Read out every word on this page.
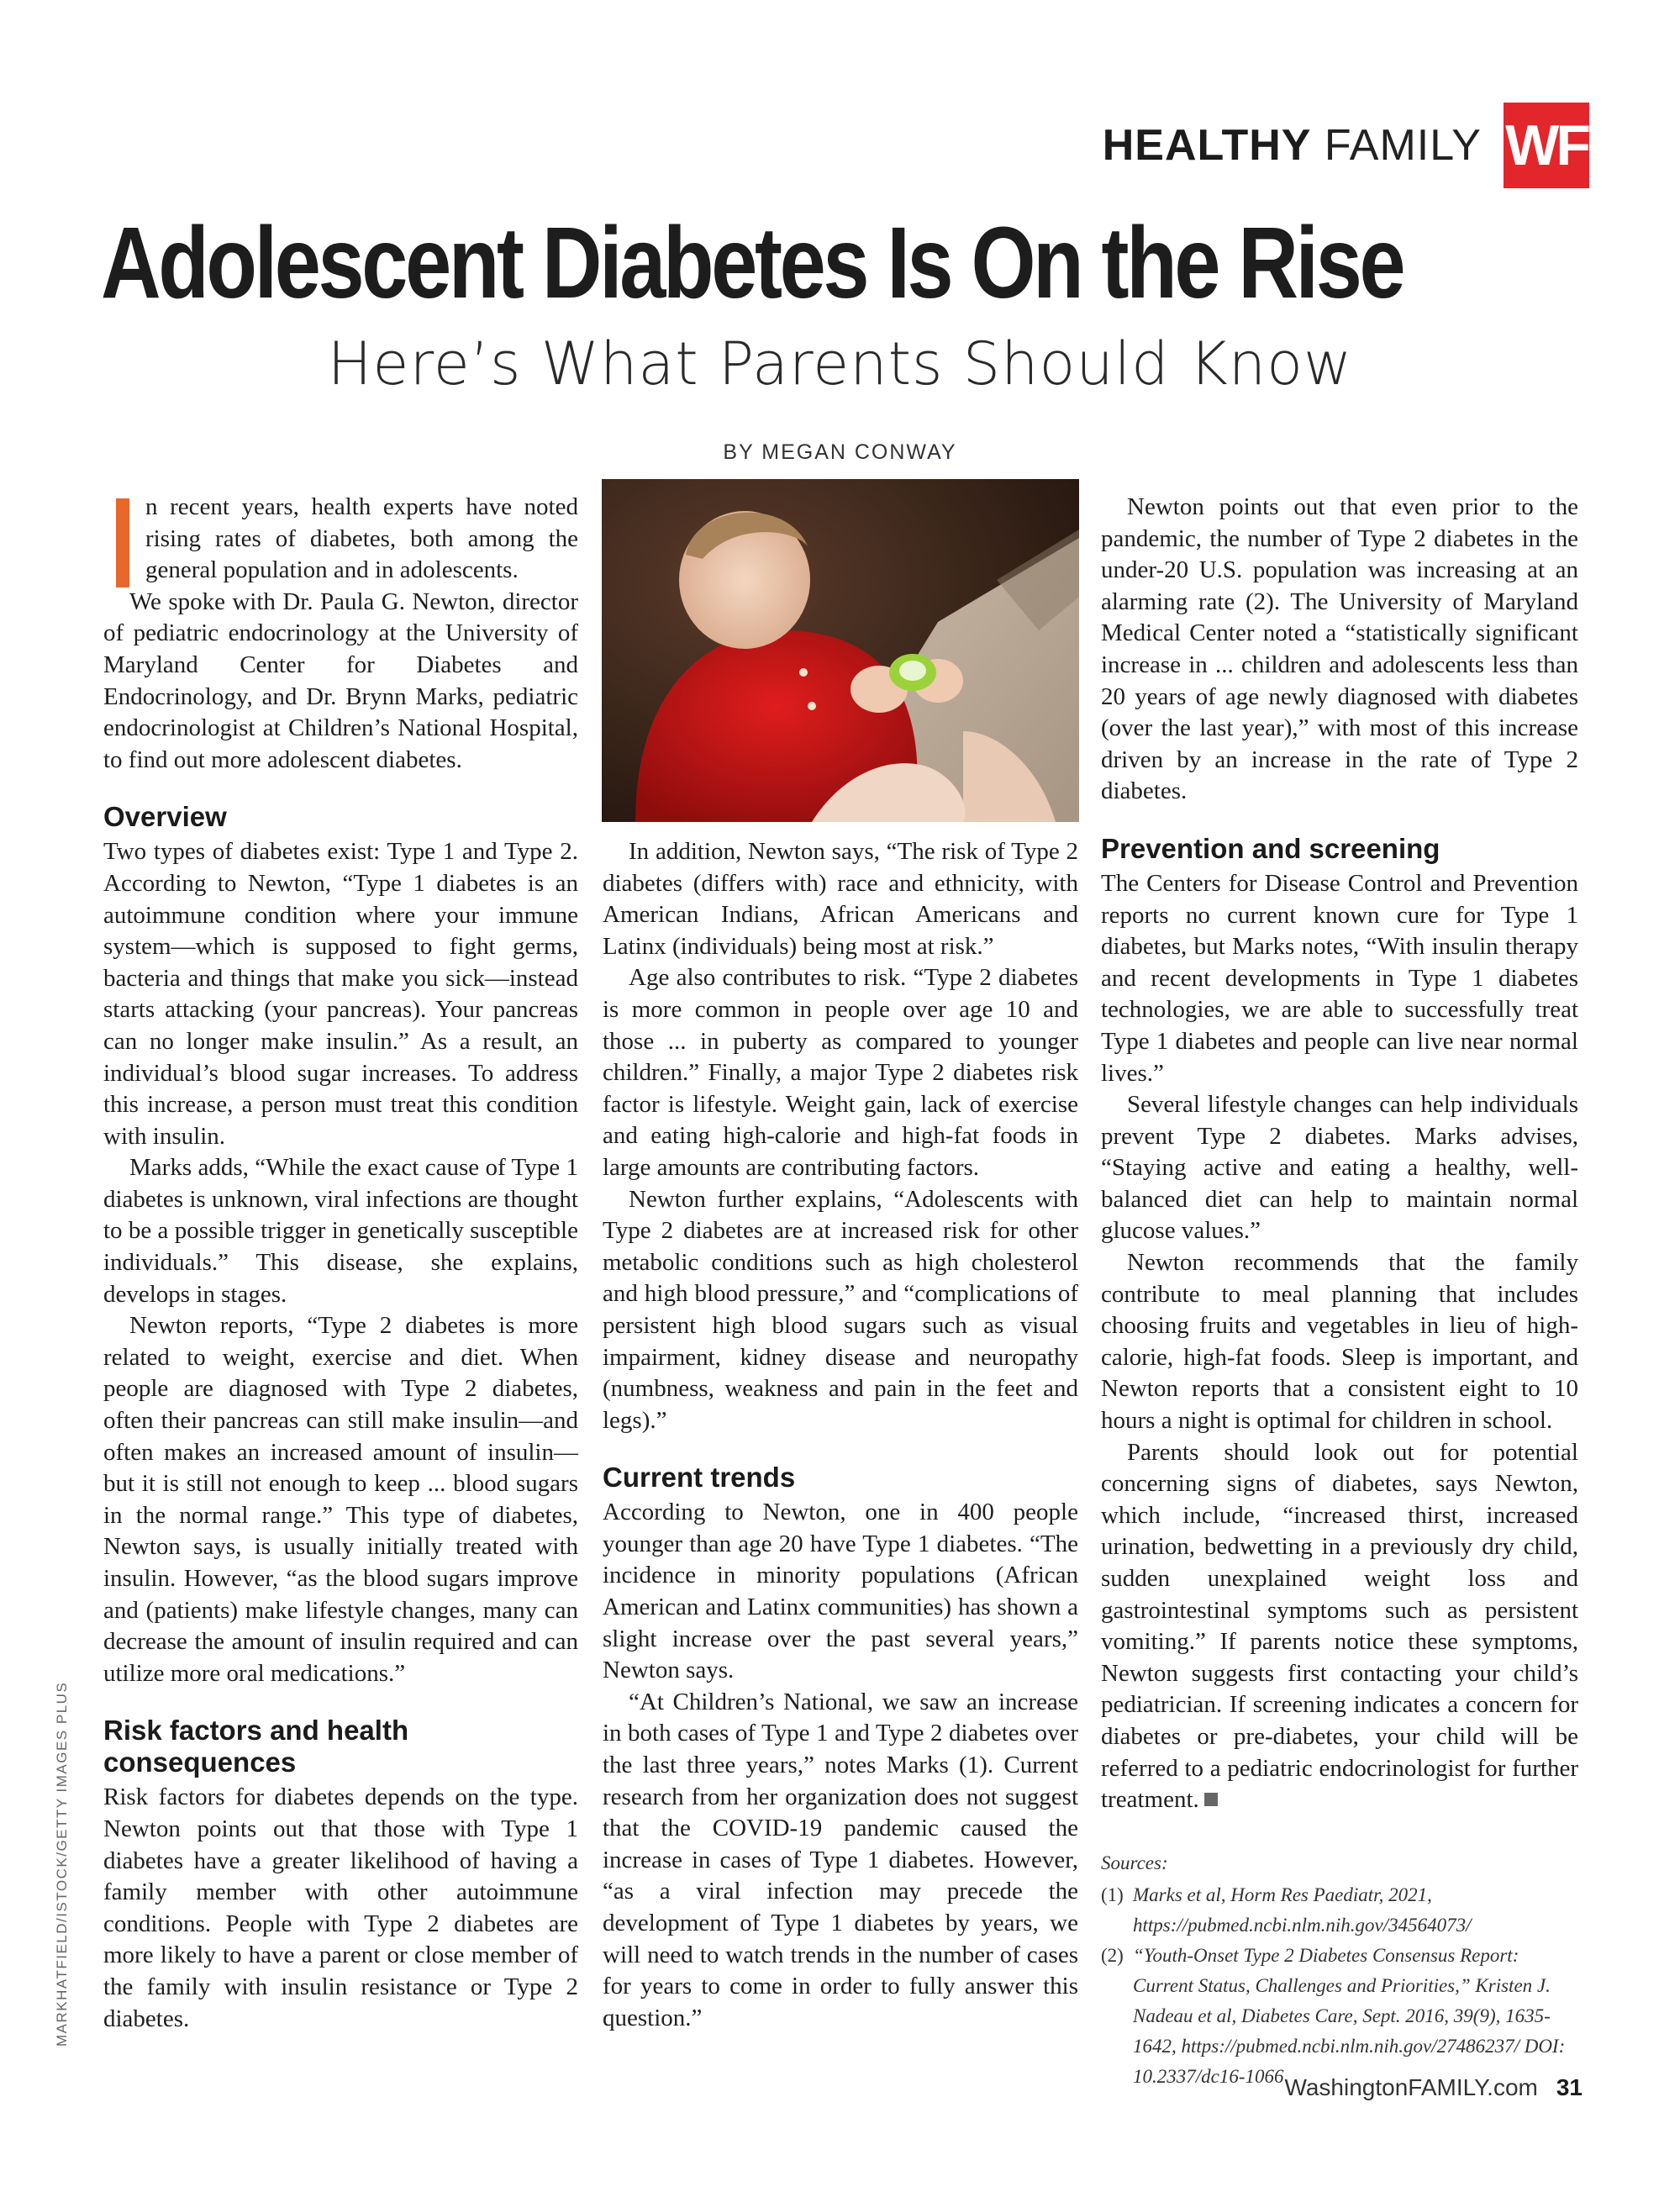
HEALTHY FAMILY WF
Adolescent Diabetes Is On the Rise
Here’s What Parents Should Know
BY MEGAN CONWAY

n recent years, health experts have noted rising rates of diabetes, both among the general population and in adolescents.

We spoke with Dr. Paula G. Newton, director of pediatric endocrinology at the University of Maryland Center for Diabetes and Endocrinology, and Dr. Brynn Marks, pediatric endocrinologist at Children’s National Hospital, to find out more adolescent diabetes.

Overview

Two types of diabetes exist: Type 1 and Type 2. According to Newton, “Type 1 diabetes is an autoimmune condition where your immune system—which is supposed to fight germs, bacteria and things that make you sick—instead starts attacking (your pancreas). Your pancreas can no longer make insulin.” As a result, an individual’s blood sugar increases. To address this increase, a person must treat this condition with insulin.

Marks adds, “While the exact cause of Type 1 diabetes is unknown, viral infections are thought to be a possible trigger in genetically susceptible individuals.” This disease, she explains, develops in stages.

Newton reports, “Type 2 diabetes is more related to weight, exercise and diet. When people are diagnosed with Type 2 diabetes, often their pancreas can still make insulin—and often makes an increased amount of insulin—but it is still not enough to keep ... blood sugars in the normal range.” This type of diabetes, Newton says, is usually initially treated with insulin. However, “as the blood sugars improve and (patients) make lifestyle changes, many can decrease the amount of insulin required and can utilize more oral medications.”

Risk factors and health consequences

Risk factors for diabetes depends on the type. Newton points out that those with Type 1 diabetes have a greater likelihood of having a family member with other autoimmune conditions. People with Type 2 diabetes are more likely to have a parent or close member of the family with insulin resistance or Type 2 diabetes.

In addition, Newton says, “The risk of Type 2 diabetes (differs with) race and ethnicity, with American Indians, African Americans and Latinx (individuals) being most at risk.”

Age also contributes to risk. “Type 2 diabetes is more common in people over age 10 and those ... in puberty as compared to younger children.” Finally, a major Type 2 diabetes risk factor is lifestyle. Weight gain, lack of exercise and eating high-calorie and high-fat foods in large amounts are contributing factors.

Newton further explains, “Adolescents with Type 2 diabetes are at increased risk for other metabolic conditions such as high cholesterol and high blood pressure,” and “complications of persistent high blood sugars such as visual impairment, kidney disease and neuropathy (numbness, weakness and pain in the feet and legs).”

Current trends

According to Newton, one in 400 people younger than age 20 have Type 1 diabetes. “The incidence in minority populations (African American and Latinx communities) has shown a slight increase over the past several years,” Newton says.

“At Children’s National, we saw an increase in both cases of Type 1 and Type 2 diabetes over the last three years,” notes Marks (1). Current research from her organization does not suggest that the COVID-19 pandemic caused the increase in cases of Type 1 diabetes. However, “as a viral infection may precede the development of Type 1 diabetes by years, we will need to watch trends in the number of cases for years to come in order to fully answer this question.”

Newton points out that even prior to the pandemic, the number of Type 2 diabetes in the under-20 U.S. population was increasing at an alarming rate (2). The University of Maryland Medical Center noted a “statistically significant increase in ... children and adolescents less than 20 years of age newly diagnosed with diabetes (over the last year),” with most of this increase driven by an increase in the rate of Type 2 diabetes.

Prevention and screening

The Centers for Disease Control and Prevention reports no current known cure for Type 1 diabetes, but Marks notes, “With insulin therapy and recent developments in Type 1 diabetes technologies, we are able to successfully treat Type 1 diabetes and people can live near normal lives.”

Several lifestyle changes can help individuals prevent Type 2 diabetes. Marks advises, “Staying active and eating a healthy, well-balanced diet can help to maintain normal glucose values.”

Newton recommends that the family contribute to meal planning that includes choosing fruits and vegetables in lieu of high-calorie, high-fat foods. Sleep is important, and Newton reports that a consistent eight to 10 hours a night is optimal for children in school.

Parents should look out for potential concerning signs of diabetes, says Newton, which include, “increased thirst, increased urination, bedwetting in a previously dry child, sudden unexplained weight loss and gastrointestinal symptoms such as persistent vomiting.” If parents notice these symptoms, Newton suggests first contacting your child’s pediatrician. If screening indicates a concern for diabetes or pre-diabetes, your child will be referred to a pediatric endocrinologist for further treatment.

Sources:
(1) Marks et al, Horm Res Paediatr, 2021, https://pubmed.ncbi.nlm.nih.gov/34564073/
(2) “Youth-Onset Type 2 Diabetes Consensus Report: Current Status, Challenges and Priorities,” Kristen J. Nadeau et al, Diabetes Care, Sept. 2016, 39(9), 1635-1642, https://pubmed.ncbi.nlm.nih.gov/27486237/ DOI: 10.2337/dc16-1066
MARKHATFIELD/ISTOCK/GETTY IMAGES PLUS
WashingtonFAMILY.com 31
